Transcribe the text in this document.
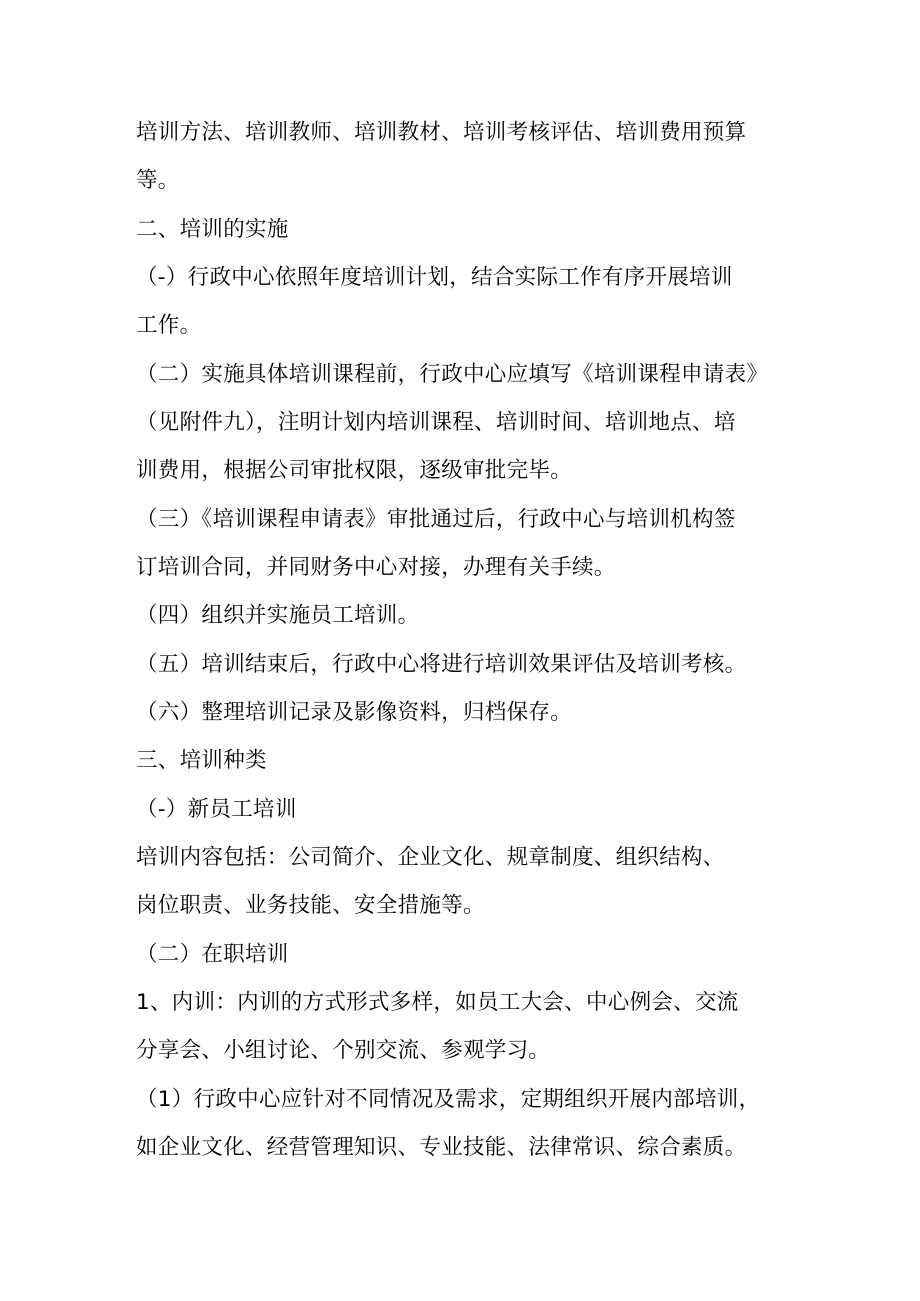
培训方法、培训教师、培训教材、培训考核评估、培训费用预算
等。
二、培训的实施
（-）行政中心依照年度培训计划，结合实际工作有序开展培训
工作。
（二）实施具体培训课程前，行政中心应填写《培训课程申请表》
（见附件九），注明计划内培训课程、培训时间、培训地点、培
训费用，根据公司审批权限，逐级审批完毕。
（三）《培训课程申请表》审批通过后，行政中心与培训机构签
订培训合同，并同财务中心对接，办理有关手续。
（四）组织并实施员工培训。
（五）培训结束后，行政中心将进行培训效果评估及培训考核。
（六）整理培训记录及影像资料，归档保存。
三、培训种类
（-）新员工培训
培训内容包括：公司简介、企业文化、规章制度、组织结构、
岗位职责、业务技能、安全措施等。
（二）在职培训
1、内训：内训的方式形式多样，如员工大会、中心例会、交流
分享会、小组讨论、个别交流、参观学习。
（1）行政中心应针对不同情况及需求，定期组织开展内部培训，
如企业文化、经营管理知识、专业技能、法律常识、综合素质。
